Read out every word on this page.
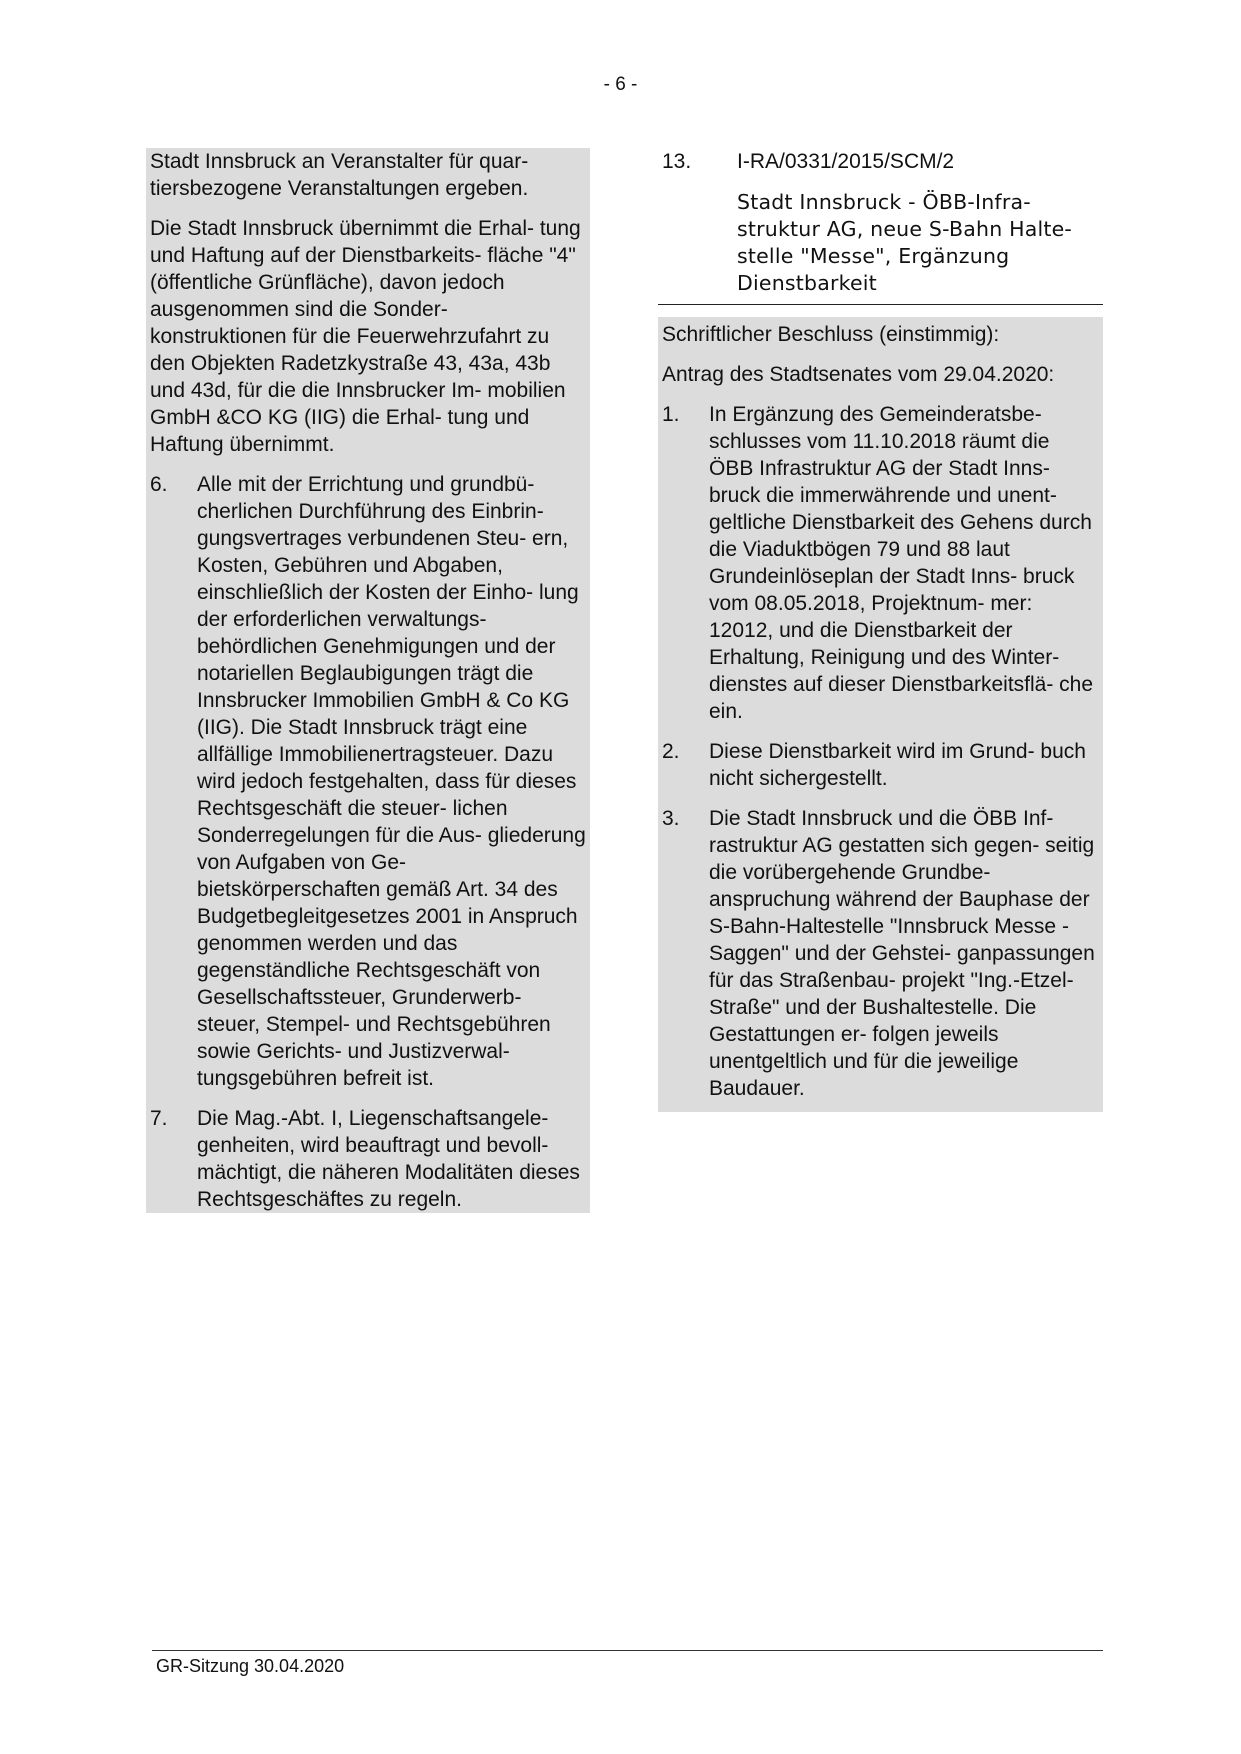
- 6 -

Stadt Innsbruck an Veranstalter für quar- tiersbezogene Veranstaltungen ergeben.

Die Stadt Innsbruck übernimmt die Erhal- tung und Haftung auf der Dienstbarkeits- fläche "4" (öffentliche Grünfläche), davon jedoch ausgenommen sind die Sonder- konstruktionen für die Feuerwehrzufahrt zu den Objekten Radetzkystraße 43, 43a, 43b und 43d, für die die Innsbrucker Im- mobilien GmbH &CO KG (IIG) die Erhal- tung und Haftung übernimmt.

6.	Alle mit der Errichtung und grundbü- cherlichen Durchführung des Einbrin- gungsvertrages verbundenen Steu- ern, Kosten, Gebühren und Abgaben, einschließlich der Kosten der Einho- lung der erforderlichen verwaltungs- behördlichen Genehmigungen und der notariellen Beglaubigungen trägt die Innsbrucker Immobilien GmbH & Co KG (IIG). Die Stadt Innsbruck trägt eine allfällige Immobilienertragsteuer. Dazu wird jedoch festgehalten, dass für dieses Rechtsgeschäft die steuer- lichen Sonderregelungen für die Aus- gliederung von Aufgaben von Ge- bietskörperschaften gemäß Art. 34 des Budgetbegleitgesetzes 2001 in Anspruch genommen werden und das gegenständliche Rechtsgeschäft von Gesellschaftssteuer, Grunderwerb- steuer, Stempel- und Rechtsgebühren sowie Gerichts- und Justizverwal- tungsgebühren befreit ist.
7.	Die Mag.-Abt. I, Liegenschaftsangele- genheiten, wird beauftragt und bevoll- mächtigt, die näheren Modalitäten dieses Rechtsgeschäftes zu regeln.
13.	I-RA/0331/2015/SCM/2
Stadt Innsbruck - ÖBB-Infra- struktur AG, neue S-Bahn Halte- stelle "Messe", Ergänzung Dienstbarkeit

Schriftlicher Beschluss (einstimmig):

Antrag des Stadtsenates vom 29.04.2020:

1.	In Ergänzung des Gemeinderatsbe- schlusses vom 11.10.2018 räumt die ÖBB Infrastruktur AG der Stadt Inns- bruck die immerwährende und unent- geltliche Dienstbarkeit des Gehens durch die Viaduktbögen 79 und 88 laut Grundeinlöseplan der Stadt Inns- bruck vom 08.05.2018, Projektnum- mer: 12012, und die Dienstbarkeit der Erhaltung, Reinigung und des Winter- dienstes auf dieser Dienstbarkeitsflä- che ein.
2.	Diese Dienstbarkeit wird im Grund- buch nicht sichergestellt.
3.	Die Stadt Innsbruck und die ÖBB Inf- rastruktur AG gestatten sich gegen- seitig die vorübergehende Grundbe- anspruchung während der Bauphase der S-Bahn-Haltestelle "Innsbruck Messe - Saggen" und der Gehstei- ganpassungen für das Straßenbau- projekt "Ing.-Etzel-Straße" und der Bushaltestelle. Die Gestattungen er- folgen jeweils unentgeltlich und für die jeweilige Baudauer.
GR-Sitzung 30.04.2020
